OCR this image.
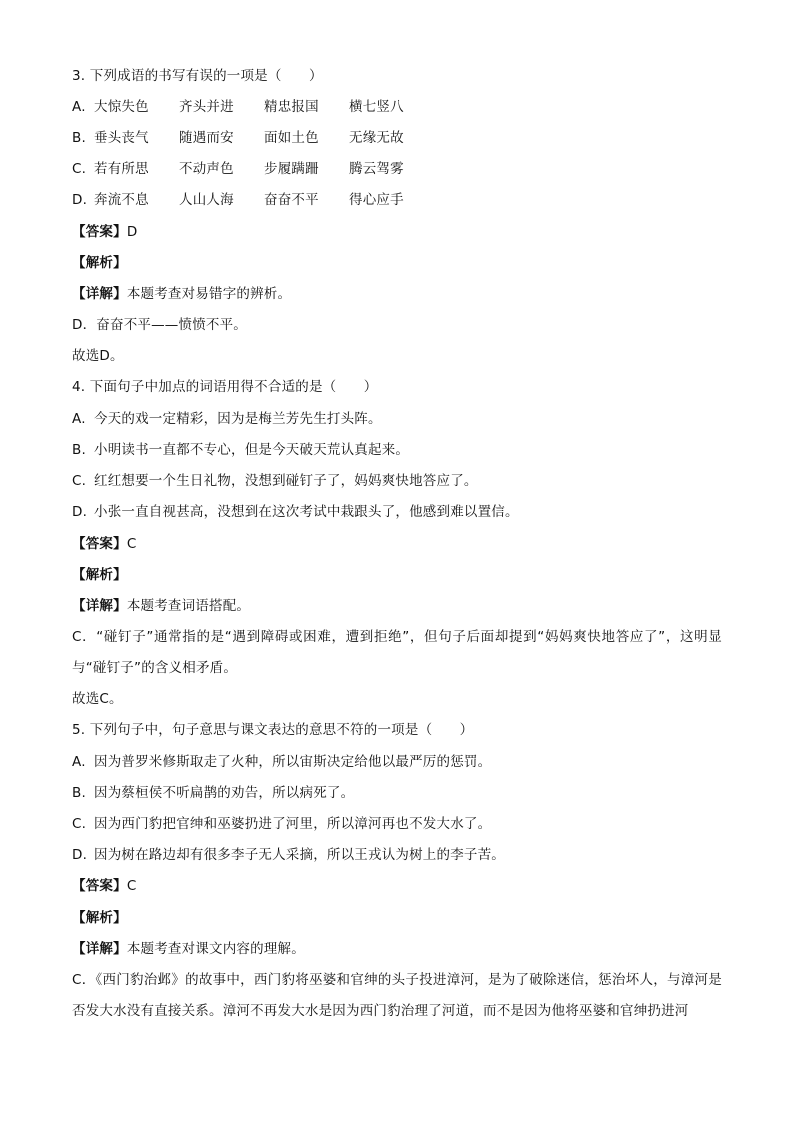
3. 下列成语的书写有误的一项是（　　）
A. 大惊失色 齐头并进 精忠报国 横七竖八
B. 垂头丧气 随遇而安 面如土色 无缘无故
C. 若有所思 不动声色 步履蹒跚 腾云驾雾
D. 奔流不息 人山人海 奋奋不平 得心应手
【答案】D
【解析】
【详解】本题考查对易错字的辨析。
D．奋奋不平——愤愤不平。
故选D。
4. 下面句子中加点的词语用得不合适的是（　　）
A. 今天的戏一定精彩，因为是梅兰芳先生打头阵。
B. 小明读书一直都不专心，但是今天破天荒认真起来。
C. 红红想要一个生日礼物，没想到碰钉子了，妈妈爽快地答应了。
D. 小张一直自视甚高，没想到在这次考试中栽跟头了，他感到难以置信。
【答案】C
【解析】
【详解】本题考查词语搭配。
C．“碰钉子”通常指的是“遇到障碍或困难，遭到拒绝”，但句子后面却提到“妈妈爽快地答应了”，这明显与“碰钉子”的含义相矛盾。
故选C。
5. 下列句子中，句子意思与课文表达的意思不符的一项是（　　）
A. 因为普罗米修斯取走了火种，所以宙斯决定给他以最严厉的惩罚。
B. 因为蔡桓侯不听扁鹊的劝告，所以病死了。
C. 因为西门豹把官绅和巫婆扔进了河里，所以漳河再也不发大水了。
D. 因为树在路边却有很多李子无人采摘，所以王戎认为树上的李子苦。
【答案】C
【解析】
【详解】本题考查对课文内容的理解。
C．《西门豹治邺》的故事中，西门豹将巫婆和官绅的头子投进漳河，是为了破除迷信，惩治坏人，与漳河是否发大水没有直接关系。漳河不再发大水是因为西门豹治理了河道，而不是因为他将巫婆和官绅扔进河
